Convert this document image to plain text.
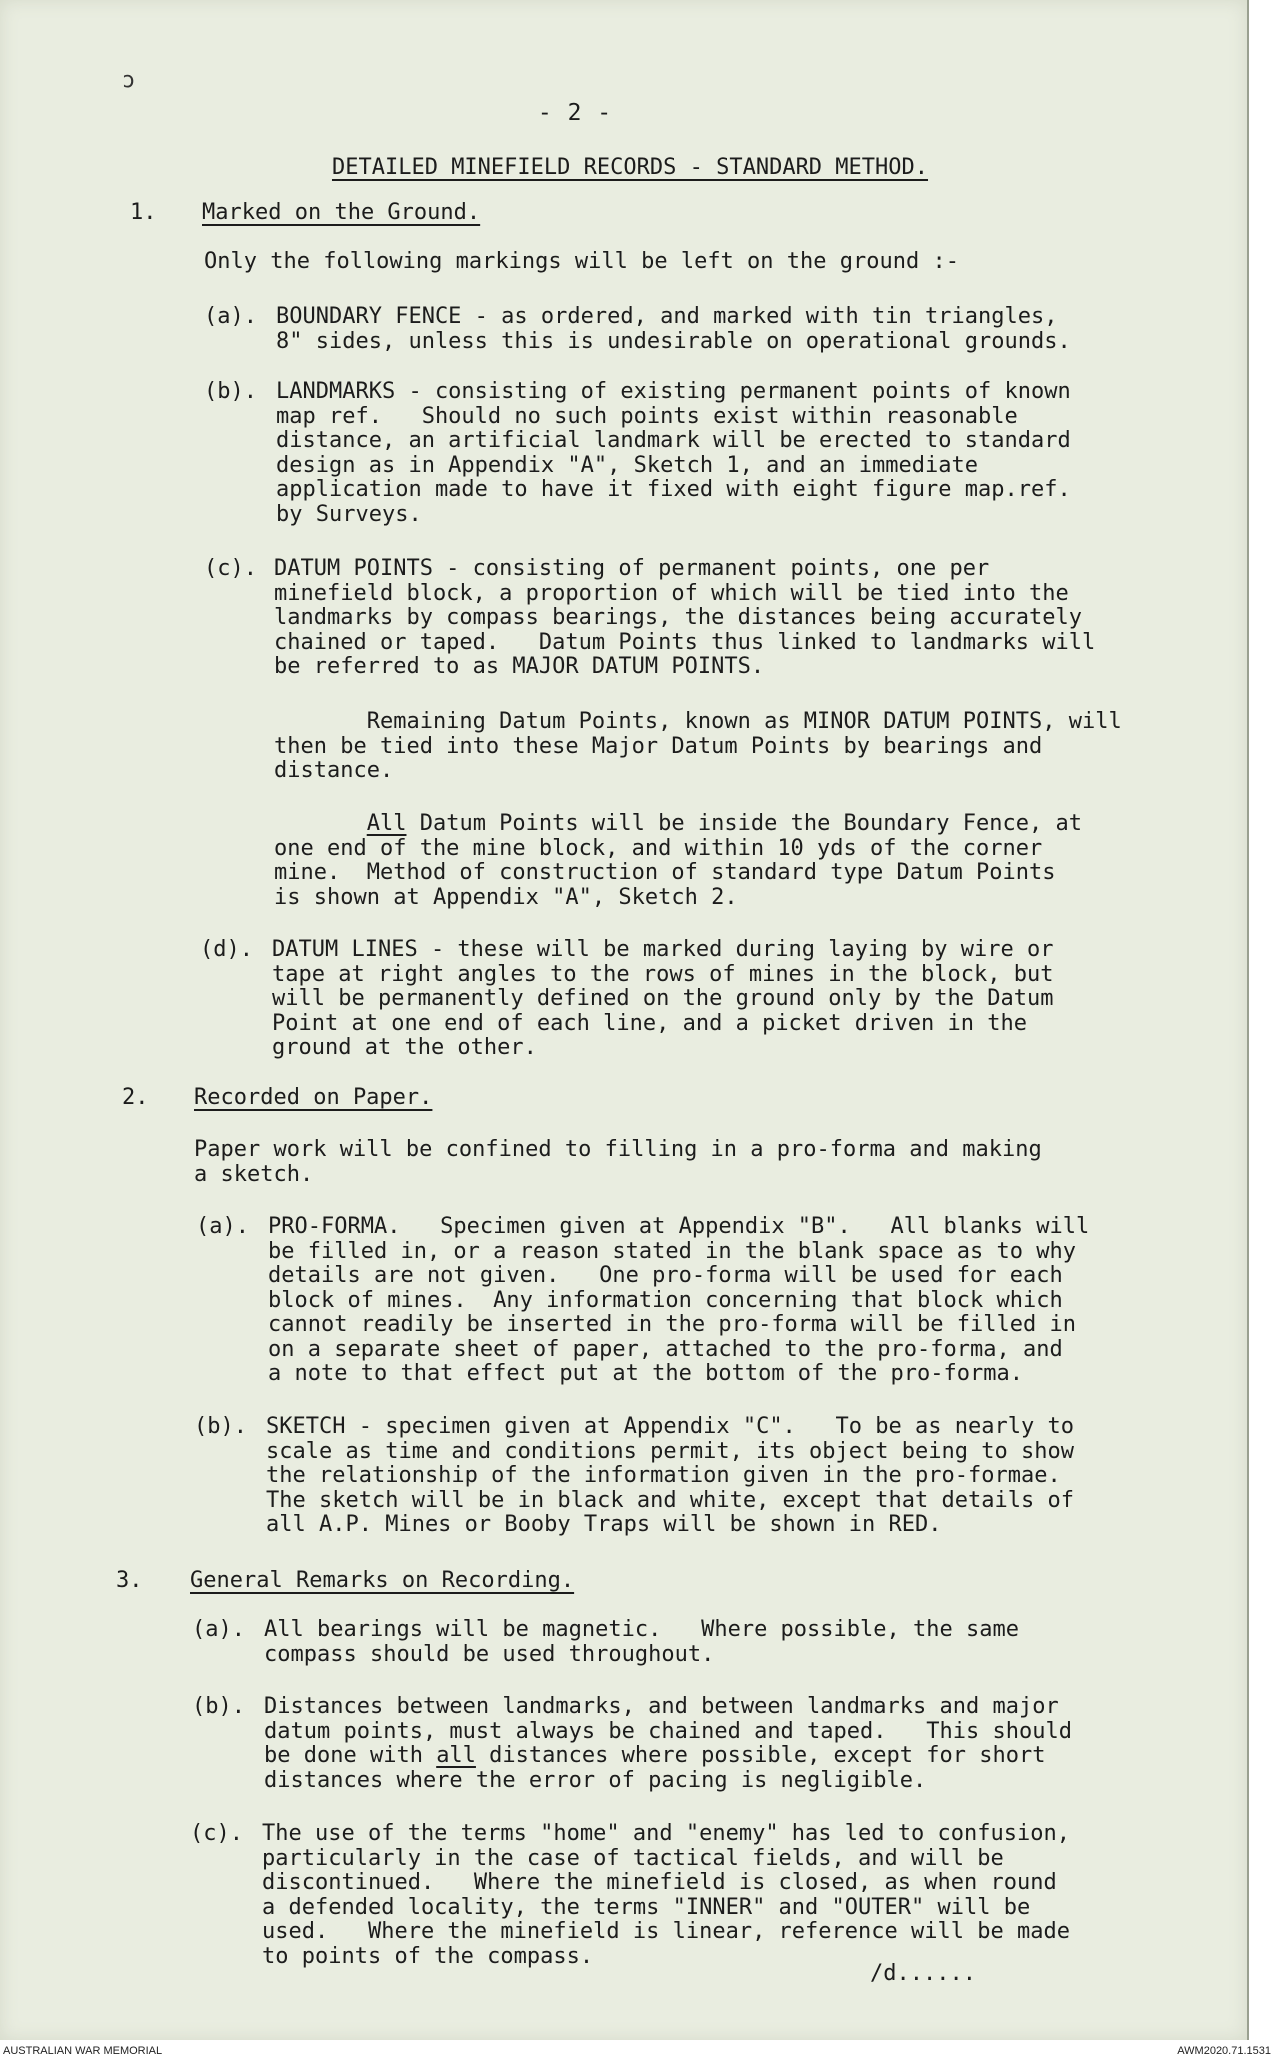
ͻ
- 2 -
DETAILED MINEFIELD RECORDS - STANDARD METHOD.
1. Marked on the Ground.
Only the following markings will be left on the ground :-
(a). BOUNDARY FENCE - as ordered, and marked with tin triangles,
8" sides, unless this is undesirable on operational grounds.
(b). LANDMARKS - consisting of existing permanent points of known
map ref.   Should no such points exist within reasonable
distance, an artificial landmark will be erected to standard
design as in Appendix "A", Sketch 1, and an immediate
application made to have it fixed with eight figure map.ref.
by Surveys.
(c). DATUM POINTS - consisting of permanent points, one per
minefield block, a proportion of which will be tied into the
landmarks by compass bearings, the distances being accurately
chained or taped.   Datum Points thus linked to landmarks will
be referred to as MAJOR DATUM POINTS.
Remaining Datum Points, known as MINOR DATUM POINTS, will
then be tied into these Major Datum Points by bearings and
distance.
All Datum Points will be inside the Boundary Fence, at
one end of the mine block, and within 10 yds of the corner
mine.  Method of construction of standard type Datum Points
is shown at Appendix "A", Sketch 2.
(d). DATUM LINES - these will be marked during laying by wire or
tape at right angles to the rows of mines in the block, but
will be permanently defined on the ground only by the Datum
Point at one end of each line, and a picket driven in the
ground at the other.
2. Recorded on Paper.
Paper work will be confined to filling in a pro-forma and making
a sketch.
(a). PRO-FORMA.   Specimen given at Appendix "B".   All blanks will
be filled in, or a reason stated in the blank space as to why
details are not given.   One pro-forma will be used for each
block of mines.  Any information concerning that block which
cannot readily be inserted in the pro-forma will be filled in
on a separate sheet of paper, attached to the pro-forma, and
a note to that effect put at the bottom of the pro-forma.
(b). SKETCH - specimen given at Appendix "C".   To be as nearly to
scale as time and conditions permit, its object being to show
the relationship of the information given in the pro-formae.
The sketch will be in black and white, except that details of
all A.P. Mines or Booby Traps will be shown in RED.
3. General Remarks on Recording.
(a). All bearings will be magnetic.   Where possible, the same
compass should be used throughout.
(b). Distances between landmarks, and between landmarks and major
datum points, must always be chained and taped.   This should
be done with all distances where possible, except for short
distances where the error of pacing is negligible.
(c). The use of the terms "home" and "enemy" has led to confusion,
particularly in the case of tactical fields, and will be
discontinued.   Where the minefield is closed, as when round
a defended locality, the terms "INNER" and "OUTER" will be
used.   Where the minefield is linear, reference will be made
to points of the compass.
/d......
AUSTRALIAN WAR MEMORIAL	AWM2020.71.1531
